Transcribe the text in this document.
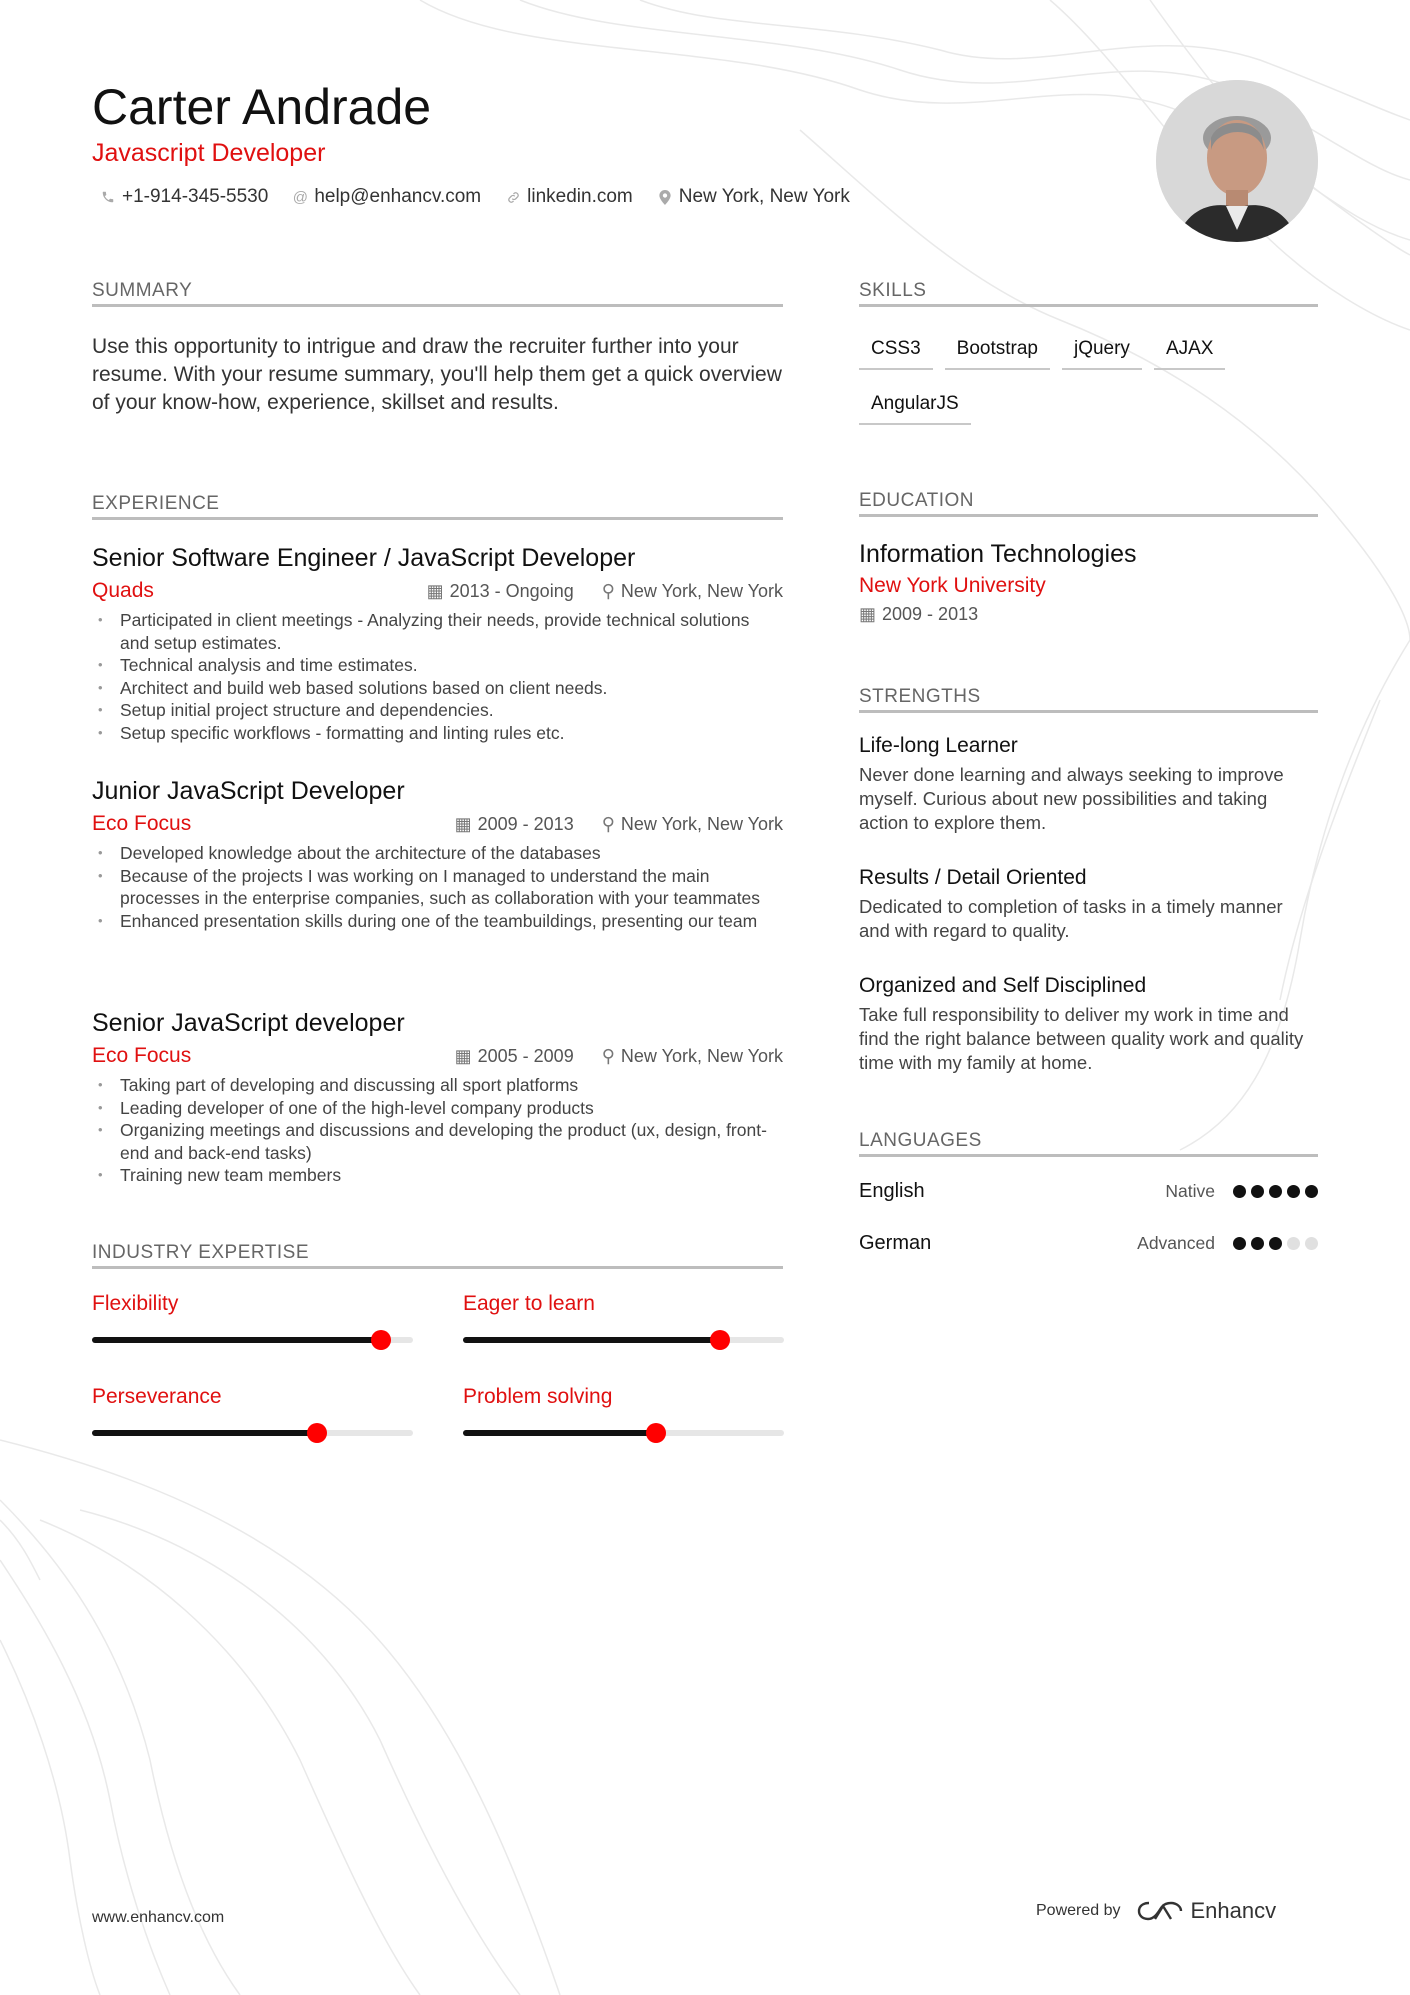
Carter Andrade
Javascript Developer
+1-914-345-5530 @ help@enhancv.com linkedin.com New York, New York
SUMMARY
Use this opportunity to intrigue and draw the recruiter further into your resume. With your resume summary, you'll help them get a quick overview of your know-how, experience, skillset and results.
EXPERIENCE
Senior Software Engineer / JavaScript Developer
Quads	▦ 2013 - Ongoing ⚲ New York, New York
• Participated in client meetings - Analyzing their needs, provide technical solutions and setup estimates.
• Technical analysis and time estimates.
• Architect and build web based solutions based on client needs.
• Setup initial project structure and dependencies.
• Setup specific workflows - formatting and linting rules etc.
Junior JavaScript Developer
Eco Focus	▦ 2009 - 2013 ⚲ New York, New York
• Developed knowledge about the architecture of the databases
• Because of the projects I was working on I managed to understand the main processes in the enterprise companies, such as collaboration with your teammates
• Enhanced presentation skills during one of the teambuildings, presenting our team
Senior JavaScript developer
Eco Focus	▦ 2005 - 2009 ⚲ New York, New York
• Taking part of developing and discussing all sport platforms
• Leading developer of one of the high-level company products
• Organizing meetings and discussions and developing the product (ux, design, front-end and back-end tasks)
• Training new team members
INDUSTRY EXPERTISE
Flexibility	Eager to learn
Perseverance	Problem solving
SKILLS
CSS3	Bootstrap	jQuery	AJAX
AngularJS
EDUCATION
Information Technologies
New York University
▦ 2009 - 2013
STRENGTHS
Life-long Learner
Never done learning and always seeking to improve myself. Curious about new possibilities and taking action to explore them.
Results / Detail Oriented
Dedicated to completion of tasks in a timely manner and with regard to quality.
Organized and Self Disciplined
Take full responsibility to deliver my work in time and find the right balance between quality work and quality time with my family at home.
LANGUAGES
English	Native
German	Advanced
www.enhancv.com	Powered by	Enhancv
